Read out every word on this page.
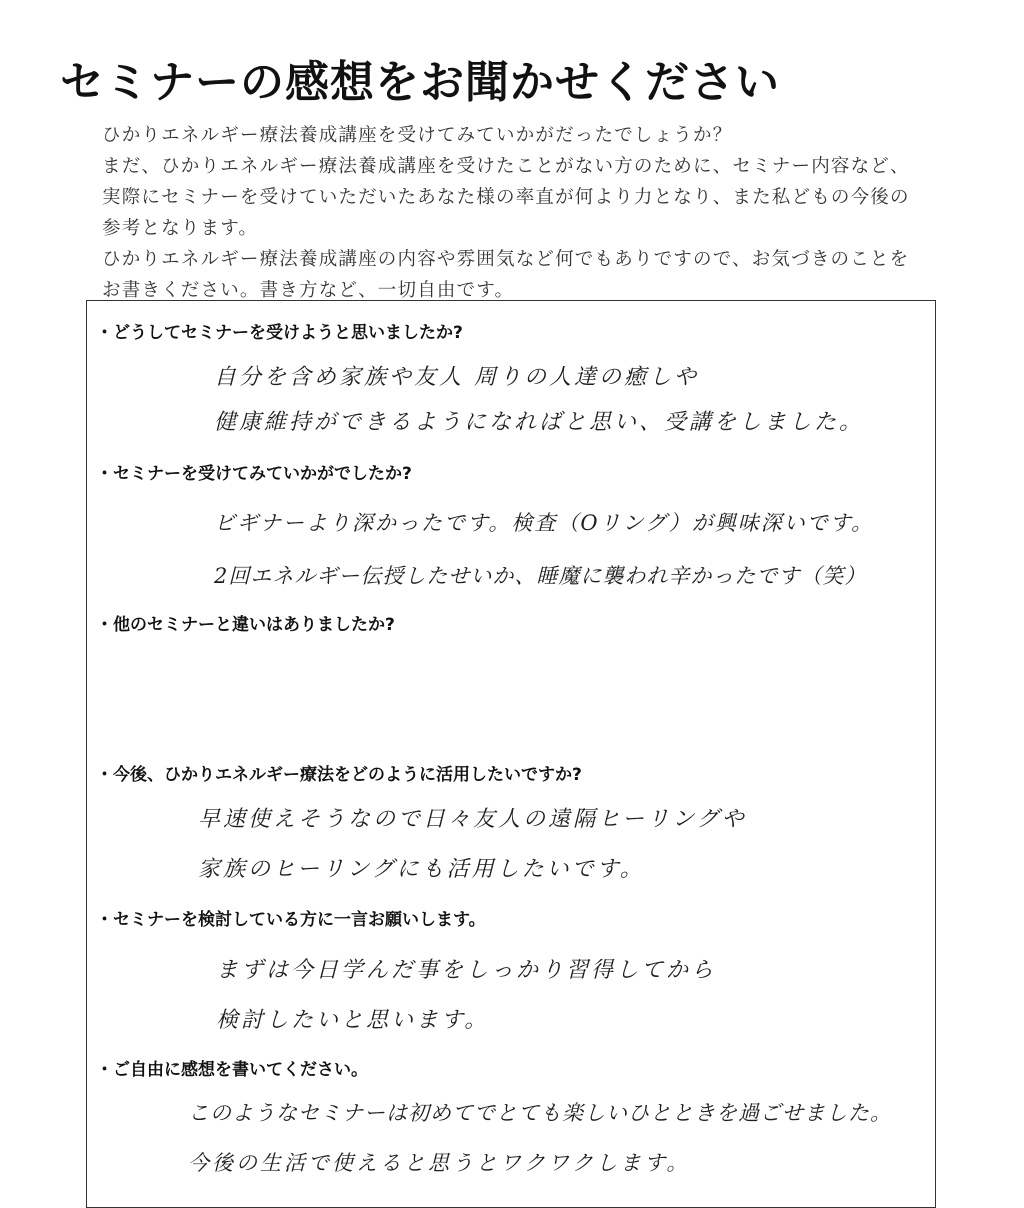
セミナーの感想をお聞かせください

ひかりエネルギー療法養成講座を受けてみていかがだったでしょうか？

まだ、ひかりエネルギー療法養成講座を受けたことがない方のために、セミナー内容など、実際にセミナーを受けていただいたあなた様の率直が何より力となり、また私どもの今後の参考となります。

ひかりエネルギー療法養成講座の内容や雰囲気など何でもありですので、お気づきのことをお書きください。書き方など、一切自由です。

・どうしてセミナーを受けようと思いましたか?
自分を含め家族や友人 周りの人達の癒しや
健康維持ができるようになればと思い、受講をしました。
・セミナーを受けてみていかがでしたか?
ビギナーより深かったです。検査（Oリング）が興味深いです。
2回エネルギー伝授したせいか、睡魔に襲われ辛かったです（笑）
・他のセミナーと違いはありましたか?
・今後、ひかりエネルギー療法をどのように活用したいですか?
早速使えそうなので日々友人の遠隔ヒーリングや
家族のヒーリングにも活用したいです。
・セミナーを検討している方に一言お願いします。
まずは今日学んだ事をしっかり習得してから
検討したいと思います。
・ご自由に感想を書いてください。
このようなセミナーは初めてでとても楽しいひとときを過ごせました。
今後の生活で使えると思うとワクワクします。
